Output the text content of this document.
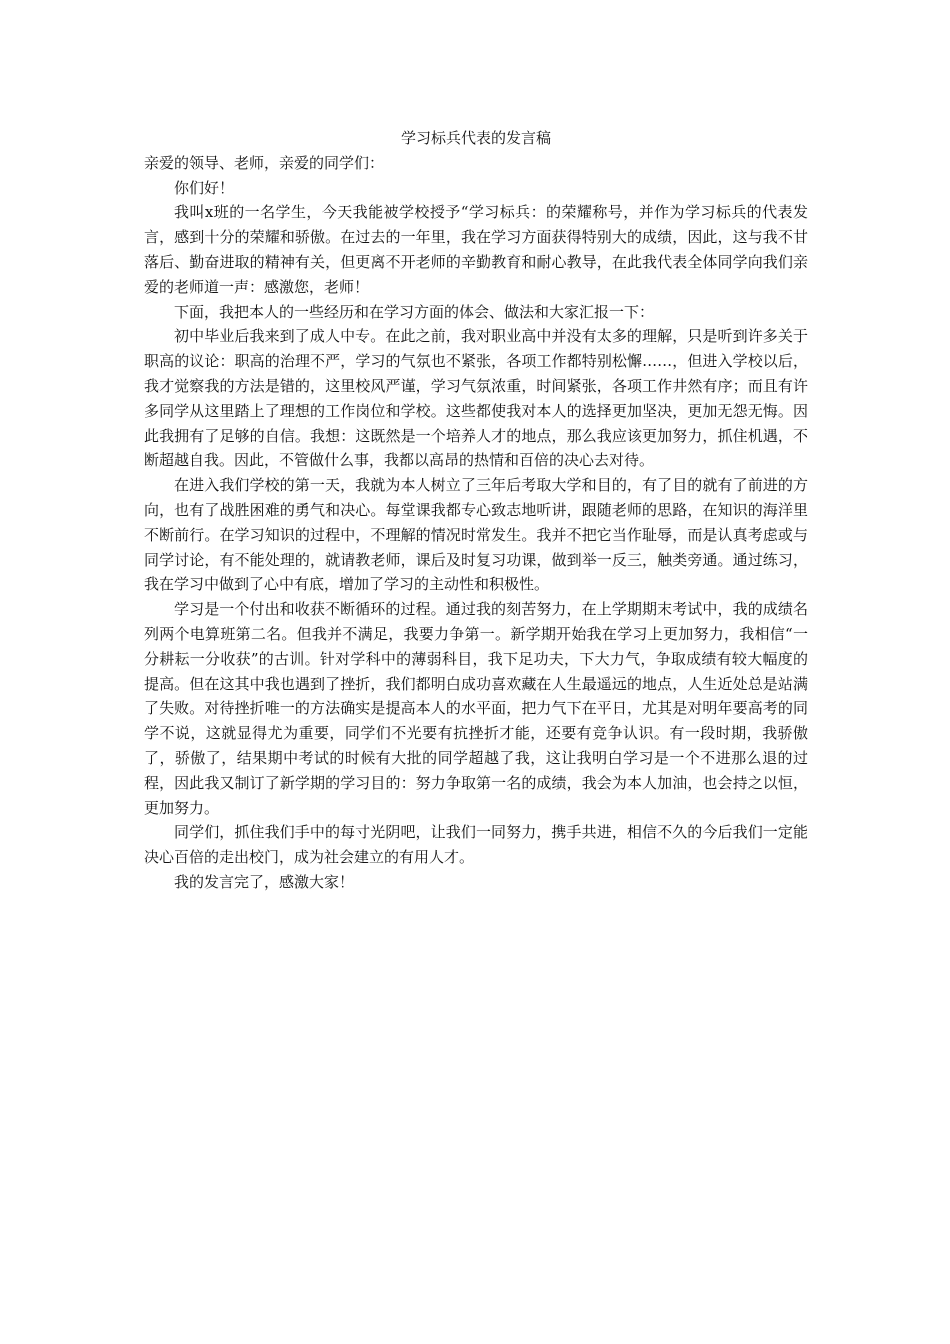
学习标兵代表的发言稿

亲爱的领导、老师，亲爱的同学们：

你们好！

我叫x班的一名学生，今天我能被学校授予“学习标兵：的荣耀称号，并作为学习标兵的代表发言，感到十分的荣耀和骄傲。在过去的一年里，我在学习方面获得特别大的成绩，因此，这与我不甘落后、勤奋进取的精神有关，但更离不开老师的辛勤教育和耐心教导，在此我代表全体同学向我们亲爱的老师道一声：感激您，老师！

下面，我把本人的一些经历和在学习方面的体会、做法和大家汇报一下：

初中毕业后我来到了成人中专。在此之前，我对职业高中并没有太多的理解，只是听到许多关于职高的议论：职高的治理不严，学习的气氛也不紧张，各项工作都特别松懈……，但进入学校以后，我才觉察我的方法是错的，这里校风严谨，学习气氛浓重，时间紧张，各项工作井然有序；而且有许多同学从这里踏上了理想的工作岗位和学校。这些都使我对本人的选择更加坚决，更加无怨无悔。因此我拥有了足够的自信。我想：这既然是一个培养人才的地点，那么我应该更加努力，抓住机遇，不断超越自我。因此，不管做什么事，我都以高昂的热情和百倍的决心去对待。

在进入我们学校的第一天，我就为本人树立了三年后考取大学和目的，有了目的就有了前进的方向，也有了战胜困难的勇气和决心。每堂课我都专心致志地听讲，跟随老师的思路，在知识的海洋里不断前行。在学习知识的过程中，不理解的情况时常发生。我并不把它当作耻辱，而是认真考虑或与同学讨论，有不能处理的，就请教老师，课后及时复习功课，做到举一反三，触类旁通。通过练习，我在学习中做到了心中有底，增加了学习的主动性和积极性。

学习是一个付出和收获不断循环的过程。通过我的刻苦努力，在上学期期末考试中，我的成绩名列两个电算班第二名。但我并不满足，我要力争第一。新学期开始我在学习上更加努力，我相信“一分耕耘一分收获”的古训。针对学科中的薄弱科目，我下足功夫，下大力气，争取成绩有较大幅度的提高。但在这其中我也遇到了挫折，我们都明白成功喜欢藏在人生最遥远的地点，人生近处总是站满了失败。对待挫折唯一的方法确实是提高本人的水平面，把力气下在平日，尤其是对明年要高考的同学不说，这就显得尤为重要，同学们不光要有抗挫折才能，还要有竞争认识。有一段时期，我骄傲了，骄傲了，结果期中考试的时候有大批的同学超越了我，这让我明白学习是一个不进那么退的过程，因此我又制订了新学期的学习目的：努力争取第一名的成绩，我会为本人加油，也会持之以恒，更加努力。

同学们，抓住我们手中的每寸光阴吧，让我们一同努力，携手共进，相信不久的今后我们一定能决心百倍的走出校门，成为社会建立的有用人才。

我的发言完了，感激大家！
